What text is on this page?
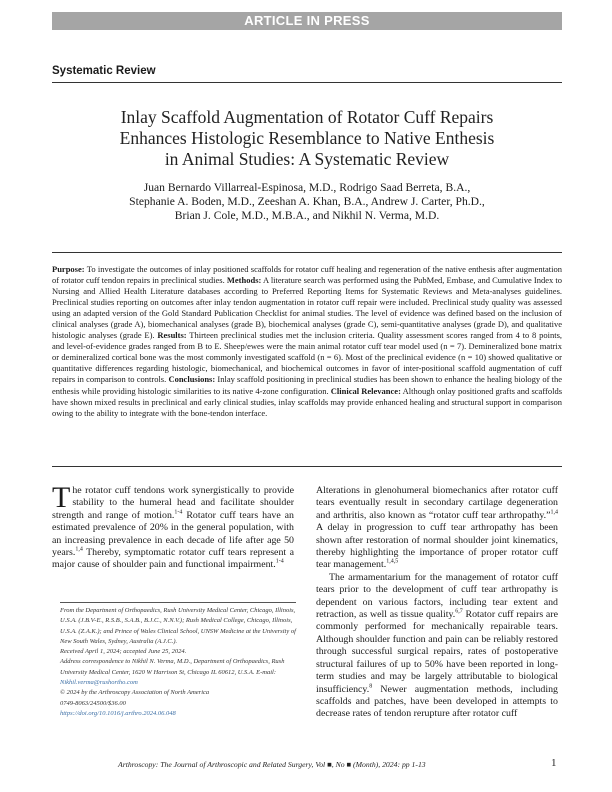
ARTICLE IN PRESS
Systematic Review
Inlay Scaffold Augmentation of Rotator Cuff Repairs
Enhances Histologic Resemblance to Native Enthesis
in Animal Studies: A Systematic Review
Juan Bernardo Villarreal-Espinosa, M.D., Rodrigo Saad Berreta, B.A.,
Stephanie A. Boden, M.D., Zeeshan A. Khan, B.A., Andrew J. Carter, Ph.D.,
Brian J. Cole, M.D., M.B.A., and Nikhil N. Verma, M.D.

Purpose: To investigate the outcomes of inlay positioned scaffolds for rotator cuff healing and regeneration of the native enthesis after augmentation of rotator cuff tendon repairs in preclinical studies. Methods: A literature search was performed using the PubMed, Embase, and Cumulative Index to Nursing and Allied Health Literature databases according to Preferred Reporting Items for Systematic Reviews and Meta-analyses guidelines. Preclinical studies reporting on outcomes after inlay tendon augmentation in rotator cuff repair were included. Preclinical study quality was assessed using an adapted version of the Gold Standard Publication Checklist for animal studies. The level of evidence was defined based on the inclusion of clinical analyses (grade A), biomechanical analyses (grade B), biochemical analyses (grade C), semi-quantitative analyses (grade D), and qualitative histologic analyses (grade E). Results: Thirteen preclinical studies met the inclusion criteria. Quality assessment scores ranged from 4 to 8 points, and level-of-evidence grades ranged from B to E. Sheep/ewes were the main animal rotator cuff tear model used (n = 7). Demineralized bone matrix or demineralized cortical bone was the most commonly investigated scaffold (n = 6). Most of the preclinical evidence (n = 10) showed qualitative or quantitative differences regarding histologic, biomechanical, and biochemical outcomes in favor of inter-positional scaffold augmentation of cuff repairs in comparison to controls. Conclusions: Inlay scaffold positioning in preclinical studies has been shown to enhance the healing biology of the enthesis while providing histologic similarities to its native 4-zone configuration. Clinical Relevance: Although onlay positioned grafts and scaffolds have shown mixed results in preclinical and early clinical studies, inlay scaffolds may provide enhanced healing and structural support in comparison owing to the ability to integrate with the bone-tendon interface.

The rotator cuff tendons work synergistically to provide stability to the humeral head and facilitate shoulder strength and range of motion.$^{1-4}$ Rotator cuff tears have an estimated prevalence of 20% in the general population, with an increasing prevalence in each decade of life after age 50 years.$^{1,4}$ Thereby, symptomatic rotator cuff tears represent a major cause of shoulder pain and functional impairment.$^{1-4}$

From the Department of Orthopaedics, Rush University Medical Center, Chicago, Illinois, U.S.A. (J.B.V-E., R.S.B., S.A.B., B.J.C., N.N.V.); Rush Medical College, Chicago, Illinois, U.S.A. (Z.A.K.); and Prince of Wales Clinical School, UNSW Medicine at the University of New South Wales, Sydney, Australia (A.J.C.).

Received April 1, 2024; accepted June 25, 2024.

Address correspondence to Nikhil N. Verma, M.D., Department of Orthopaedics, Rush University Medical Center, 1620 W Harrison St, Chicago IL 60612, U.S.A. E-mail: Nikhil.verma@rushortho.com

© 2024 by the Arthroscopy Association of North America

0749-8063/24500/$36.00

https://doi.org/10.1016/j.arthro.2024.06.048

Alterations in glenohumeral biomechanics after rotator cuff tears eventually result in secondary cartilage degeneration and arthritis, also known as “rotator cuff tear arthropathy.”$^{1,4}$ A delay in progression to cuff tear arthropathy has been shown after restoration of normal shoulder joint kinematics, thereby highlighting the importance of proper rotator cuff tear management.$^{1,4,5}$

The armamentarium for the management of rotator cuff tears prior to the development of cuff tear arthropathy is dependent on various factors, including tear extent and retraction, as well as tissue quality.$^{6,7}$ Rotator cuff repairs are commonly performed for mechanically repairable tears. Although shoulder function and pain can be reliably restored through successful surgical repairs, rates of postoperative structural failures of up to 50% have been reported in long-term studies and may be largely attributable to biological insufficiency.$^8$ Newer augmentation methods, including scaffolds and patches, have been developed in attempts to decrease rates of tendon rerupture after rotator cuff

Arthroscopy: The Journal of Arthroscopic and Related Surgery, Vol ■, No ■ (Month), 2024: pp 1-13	1
